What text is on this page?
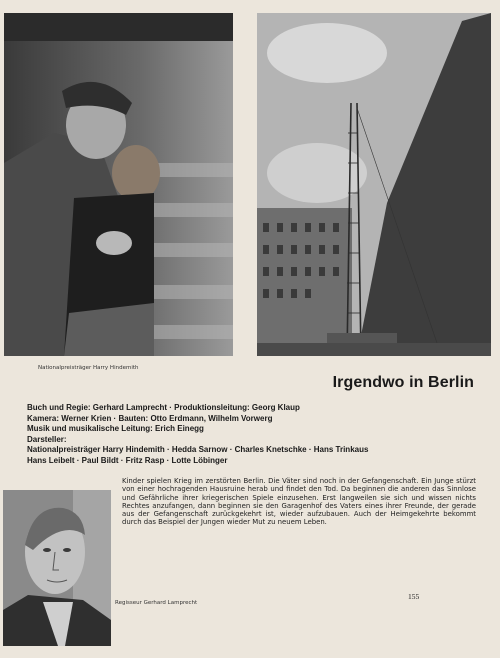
Nationalpreisträger Harry Hindemith
Irgendwo in Berlin
Buch und Regie: Gerhard Lamprecht · Produktionsleitung: Georg Klaup
Kamera: Werner Krien · Bauten: Otto Erdmann, Wilhelm Vorwerg
Musik und musikalische Leitung: Erich Einegg
Darsteller:
Nationalpreisträger Harry Hindemith · Hedda Sarnow · Charles Knetschke · Hans Trinkaus
Hans Leibelt · Paul Bildt · Fritz Rasp · Lotte Löbinger
Kinder spielen Krieg im zerstörten Berlin. Die Väter sind noch in der Gefangenschaft. Ein Junge stürzt von einer hochragenden Hausruine herab und findet den Tod. Da beginnen die anderen das Sinnlose und Gefährliche ihrer kriegerischen Spiele einzusehen. Erst langweilen sie sich und wissen nichts Rechtes anzufangen, dann beginnen sie den Garagenhof des Vaters eines ihrer Freunde, der gerade aus der Gefangenschaft zurückgekehrt ist, wieder aufzubauen. Auch der Heimgekehrte bekommt durch das Beispiel der Jungen wieder Mut zu neuem Leben.
Regisseur Gerhard Lamprecht
155
